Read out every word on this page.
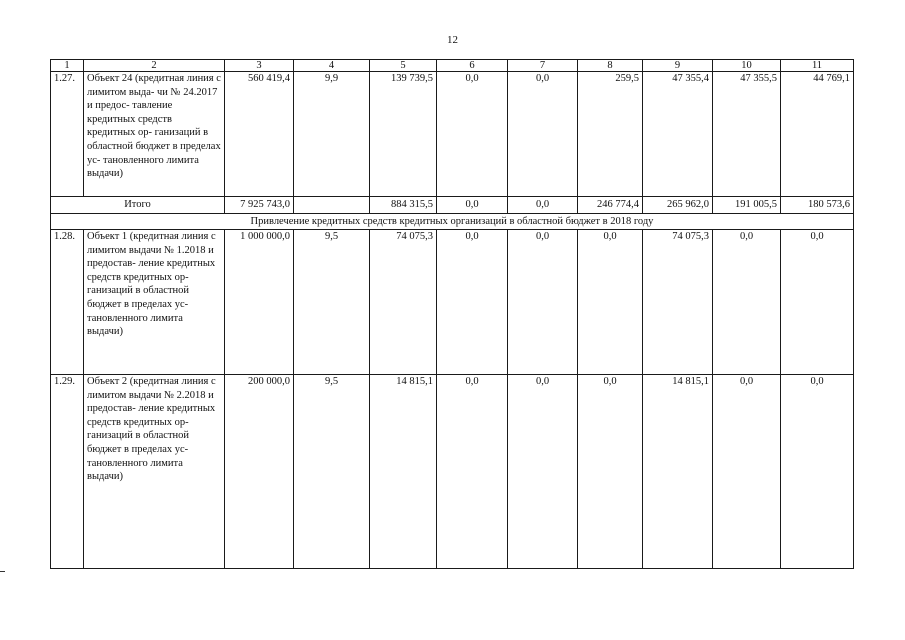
12
1	2	3	4	5	6	7	8	9	10	11
1.27.	Объект 24 (кредитная линия с лимитом выда- чи № 24.2017 и предос- тавление кредитных средств кредитных ор- ганизаций в областной бюджет в пределах ус- тановленного лимита выдачи)	560 419,4	9,9	139 739,5	0,0	0,0	259,5	47 355,4	47 355,5	44 769,1
Итого		7 925 743,0		884 315,5	0,0	0,0	246 774,4	265 962,0	191 005,5	180 573,6
Привлечение кредитных средств кредитных организаций в областной бюджет в 2018 году										
1.28.	Объект 1 (кредитная линия с лимитом выдачи № 1.2018 и предостав- ление кредитных средств кредитных ор- ганизаций в областной бюджет в пределах ус- тановленного лимита выдачи)	1 000 000,0	9,5	74 075,3	0,0	0,0	0,0	74 075,3	0,0	0,0
1.29.	Объект 2 (кредитная линия с лимитом выдачи № 2.2018 и предостав- ление кредитных средств кредитных ор- ганизаций в областной бюджет в пределах ус- тановленного лимита выдачи)	200 000,0	9,5	14 815,1	0,0	0,0	0,0	14 815,1	0,0	0,0
